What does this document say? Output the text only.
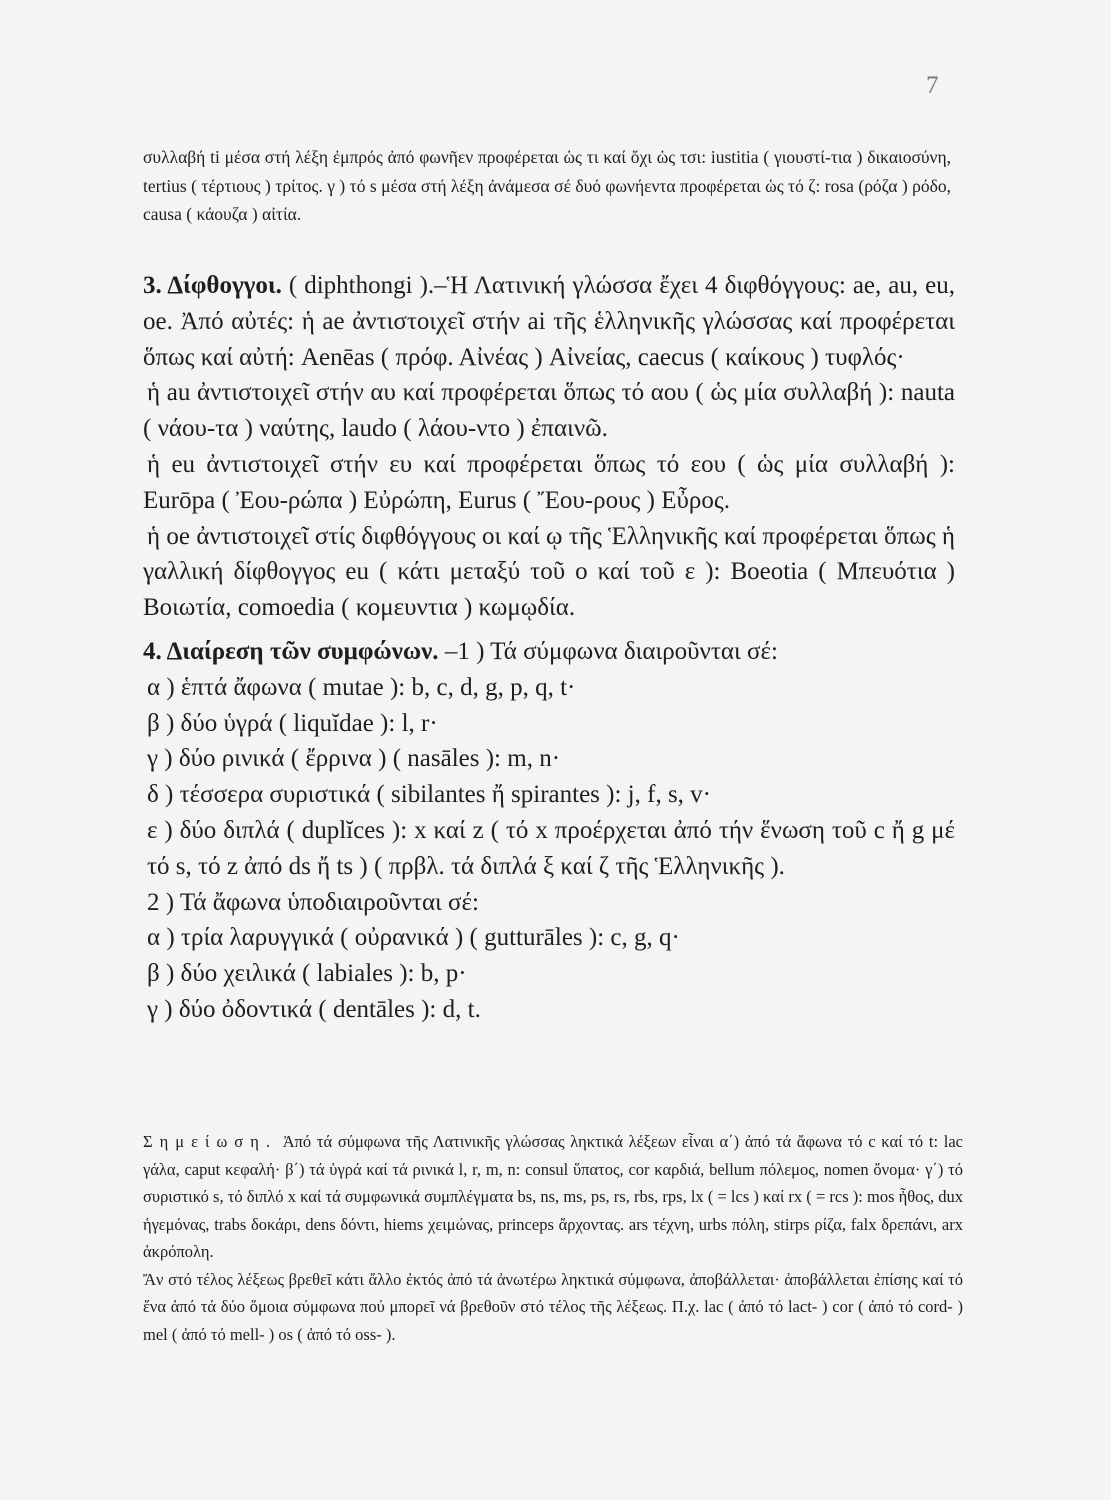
7
συλλαβή ti μέσα στή λέξη ἐμπρός ἀπό φωνῆεν προφέρεται ὡς τι καί ὄχι ὡς τσι: iustitia ( γιουστί-τια ) δικαιοσύνη, tertius ( τέρτιους ) τρίτος. γ ) τό s μέσα στή λέξη ἀνάμεσα σέ δυό φωνήεντα προφέρεται ὡς τό ζ: rosa (ρόζα ) ρόδο, causa ( κάουζα ) αἰτία.

3. Δίφθογγοι. ( diphthongi ).–Ἡ Λατινική γλώσσα ἔχει 4 διφθόγγους: ae, au, eu, oe. Ἀπό αὐτές: ἡ ae ἀντιστοιχεῖ στήν ai τῆς ἑλληνικῆς γλώσσας καί προφέρεται ὅπως καί αὐτή: Aenēas ( πρόφ. Αἰνέας ) Αἰνείας, caecus ( καίκους ) τυφλός·

ἡ au ἀντιστοιχεῖ στήν αυ καί προφέρεται ὅπως τό αου ( ὡς μία συλλαβή ): nauta ( νάου-τα ) ναύτης, laudo ( λάου-ντο ) ἐπαινῶ.

ἡ eu ἀντιστοιχεῖ στήν ευ καί προφέρεται ὅπως τό εου ( ὡς μία συλλαβή ): Eurōpa ( Ἐου-ρώπα ) Εὐρώπη, Eurus ( Ἔου-ρους ) Εὖρος.

ἡ oe ἀντιστοιχεῖ στίς διφθόγγους οι καί ῳ τῆς Ἑλληνικῆς καί προφέρεται ὅπως ἡ γαλλική δίφθογγος eu ( κάτι μεταξύ τοῦ ο καί τοῦ ε ): Boeotia ( Μπευότια ) Βοιωτία, comoedia ( κομευντια ) κωμῳδία.

4. Διαίρεση τῶν συμφώνων. –1 ) Τά σύμφωνα διαιροῦνται σέ:

α ) ἑπτά ἄφωνα ( mutae ): b, c, d, g, p, q, t·

β ) δύο ὑγρά ( liquĭdae ): l, r·

γ ) δύο ρινικά ( ἔρρινα ) ( nasāles ): m, n·

δ ) τέσσερα συριστικά ( sibilantes ἤ spirantes ): j, f, s, v·

ε ) δύο διπλά ( duplĭces ): x καί z ( τό x προέρχεται ἀπό τήν ἕνωση τοῦ c ἤ g μέ τό s, τό z ἀπό ds ἤ ts ) ( πρβλ. τά διπλά ξ καί ζ τῆς Ἑλληνικῆς ).

2 ) Τά ἄφωνα ὑποδιαιροῦνται σέ:

α ) τρία λαρυγγικά ( οὐρανικά ) ( gutturāles ): c, g, q·

β ) δύο χειλικά ( labiales ): b, p·

γ ) δύο ὀδοντικά ( dentāles ): d, t.

Σημείωση. Ἀπό τά σύμφωνα τῆς Λατινικῆς γλώσσας ληκτικά λέξεων εἶναι α΄) ἀπό τά ἄφωνα τό c καί τό t: lac γάλα, caput κεφαλή· β΄) τά ὑγρά καί τά ρινικά l, r, m, n: consul ὕπατος, cor καρδιά, bellum πόλεμος, nomen ὄνομα· γ΄) τό συριστικό s, τό διπλό x καί τά συμφωνικά συμπλέγματα bs, ns, ms, ps, rs, rbs, rps, lx ( = lcs ) καί rx ( = rcs ): mos ἦθος, dux ἡγεμόνας, trabs δοκάρι, dens δόντι, hiems χειμώνας, princeps ἄρχοντας. ars τέχνη, urbs πόλη, stirps ρίζα, falx δρεπάνι, arx ἀκρόπολη.

Ἄν στό τέλος λέξεως βρεθεῖ κάτι ἄλλο ἐκτός ἀπό τά ἀνωτέρω ληκτικά σύμφωνα, ἀποβάλλεται· ἀποβάλλεται ἐπίσης καί τό ἕνα ἀπό τά δύο ὅμοια σύμφωνα πού μπορεῖ νά βρεθοῦν στό τέλος τῆς λέξεως. Π.χ. lac ( ἀπό τό lact- ) cor ( ἀπό τό cord- ) mel ( ἀπό τό mell- ) os ( ἀπό τό oss- ).
